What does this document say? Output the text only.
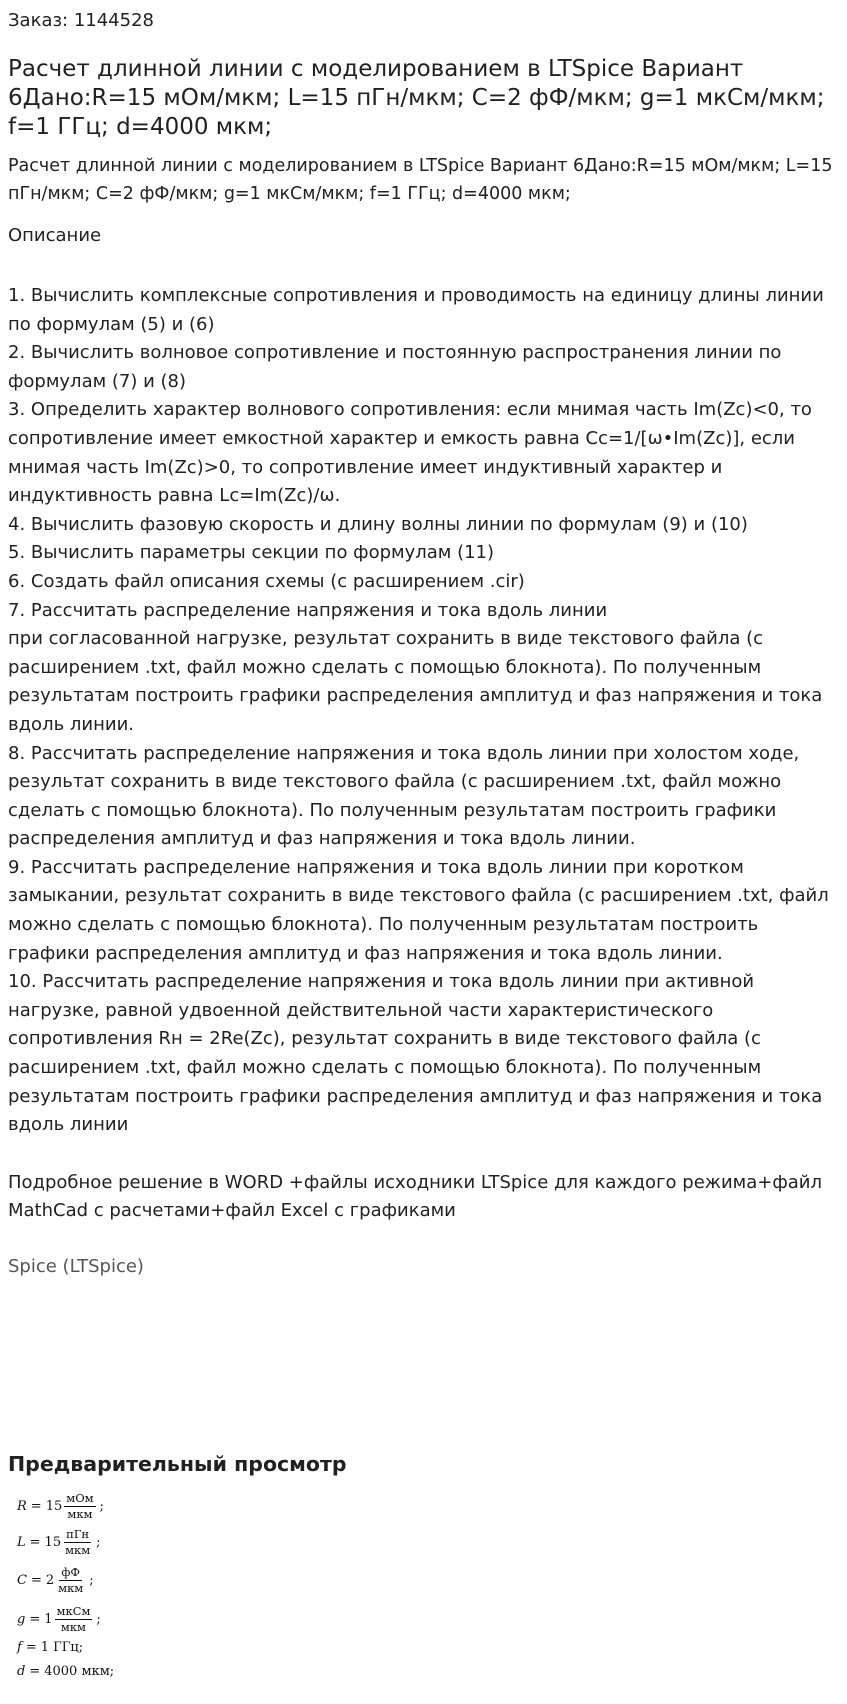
Заказ: 1144528
Расчет длинной линии с моделированием в LTSpice Вариант 6Дано:R=15 мОм/мкм; L=15 пГн/мкм; C=2 фФ/мкм; g=1 мкСм/мкм; f=1 ГГц; d=4000 мкм;
Расчет длинной линии с моделированием в LTSpice Вариант 6Дано:R=15 мОм/мкм; L=15 пГн/мкм; C=2 фФ/мкм; g=1 мкСм/мкм; f=1 ГГц; d=4000 мкм;
Описание

1. Вычислить комплексные сопротивления и проводимость на единицу длины линии по формулам (5) и (6)

2. Вычислить волновое сопротивление и постоянную распространения линии по формулам (7) и (8)

3. Определить характер волнового сопротивления: если мнимая часть Im(Zc)<0, то сопротивление имеет емкостной характер и емкость равна Cc=1/[ω•Im(Zc)], если мнимая часть Im(Zc)>0, то сопротивление имеет индуктивный характер и индуктивность равна Lc=Im(Zc)/ω.

4. Вычислить фазовую скорость и длину волны линии по формулам (9) и (10)

5. Вычислить параметры секции по формулам (11)

6. Создать файл описания схемы (с расширением .cir)

7. Рассчитать распределение напряжения и тока вдоль линии

при согласованной нагрузке, результат сохранить в виде текстового файла (с расширением .txt, файл можно сделать с помощью блокнота). По полученным результатам построить графики распределения амплитуд и фаз напряжения и тока вдоль линии.

8. Рассчитать распределение напряжения и тока вдоль линии при холостом ходе, результат сохранить в виде текстового файла (с расширением .txt, файл можно сделать с помощью блокнота). По полученным результатам построить графики распределения амплитуд и фаз напряжения и тока вдоль линии.

9. Рассчитать распределение напряжения и тока вдоль линии при коротком замыкании, результат сохранить в виде текстового файла (с расширением .txt, файл можно сделать с помощью блокнота). По полученным результатам построить графики распределения амплитуд и фаз напряжения и тока вдоль линии.

10. Рассчитать распределение напряжения и тока вдоль линии при активной нагрузке, равной удвоенной действительной части характеристического сопротивления Rн = 2Re(Zc), результат сохранить в виде текстового файла (с расширением .txt, файл можно сделать с помощью блокнота). По полученным результатам построить графики распределения амплитуд и фаз напряжения и тока вдоль линии

Подробное решение в WORD +файлы исходники LTSpice для каждого режима+файл MathCad с расчетами+файл Excel с графиками
Spice (LTSpice)
Предварительный просмотр
$R = 15 \frac{\text{мОм}}{\text{мкм}}$ ;
$L = 15 \frac{\text{пГн}}{\text{мкм}}$ ;
$C = 2 \frac{фФ}{\text{мкм}}$ ;
$g = 1 \frac{\text{мкСм}}{\text{мкм}}$ ;
f = 1 ГГц;
d = 4000 мкм;
